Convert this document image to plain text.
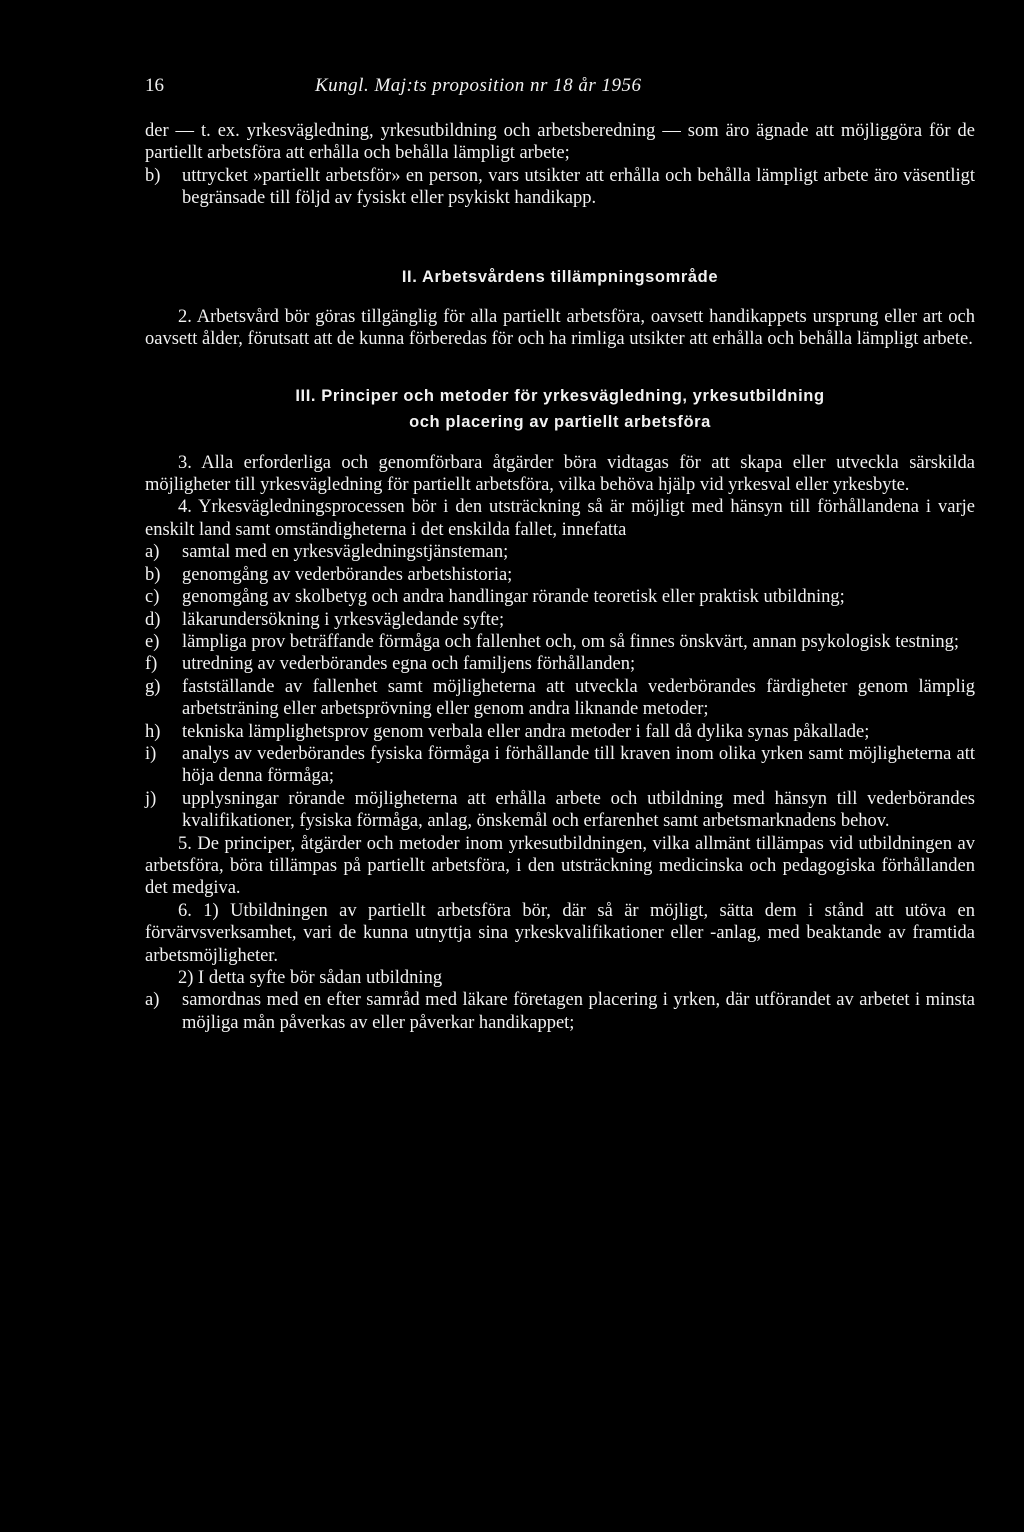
16	Kungl. Maj:ts proposition nr 18 år 1956

der — t. ex. yrkesvägledning, yrkesutbildning och arbetsberedning — som äro ägnade att möjliggöra för de partiellt arbetsföra att erhålla och behålla lämpligt arbete;

b) uttrycket »partiellt arbetsför» en person, vars utsikter att erhålla och behålla lämpligt arbete äro väsentligt begränsade till följd av fysiskt eller psykiskt handikapp.

II. Arbetsvårdens tillämpningsområde

2. Arbetsvård bör göras tillgänglig för alla partiellt arbetsföra, oavsett handikappets ursprung eller art och oavsett ålder, förutsatt att de kunna förberedas för och ha rimliga utsikter att erhålla och behålla lämpligt arbete.

III. Principer och metoder för yrkesvägledning, yrkesutbildning

och placering av partiellt arbetsföra

3. Alla erforderliga och genomförbara åtgärder böra vidtagas för att skapa eller utveckla särskilda möjligheter till yrkesvägledning för partiellt arbetsföra, vilka behöva hjälp vid yrkesval eller yrkesbyte.

4. Yrkesvägledningsprocessen bör i den utsträckning så är möjligt med hänsyn till förhållandena i varje enskilt land samt omständigheterna i det enskilda fallet, innefatta

a) samtal med en yrkesvägledningstjänsteman;

b) genomgång av vederbörandes arbetshistoria;

c) genomgång av skolbetyg och andra handlingar rörande teoretisk eller praktisk utbildning;

d) läkarundersökning i yrkesvägledande syfte;

e) lämpliga prov beträffande förmåga och fallenhet och, om så finnes önskvärt, annan psykologisk testning;

f) utredning av vederbörandes egna och familjens förhållanden;

g) fastställande av fallenhet samt möjligheterna att utveckla vederbörandes färdigheter genom lämplig arbetsträning eller arbetsprövning eller genom andra liknande metoder;

h) tekniska lämplighetsprov genom verbala eller andra metoder i fall då dylika synas påkallade;

i) analys av vederbörandes fysiska förmåga i förhållande till kraven inom olika yrken samt möjligheterna att höja denna förmåga;

j) upplysningar rörande möjligheterna att erhålla arbete och utbildning med hänsyn till vederbörandes kvalifikationer, fysiska förmåga, anlag, önskemål och erfarenhet samt arbetsmarknadens behov.

5. De principer, åtgärder och metoder inom yrkesutbildningen, vilka allmänt tillämpas vid utbildningen av arbetsföra, böra tillämpas på partiellt arbetsföra, i den utsträckning medicinska och pedagogiska förhållanden det medgiva.

6. 1) Utbildningen av partiellt arbetsföra bör, där så är möjligt, sätta dem i stånd att utöva en förvärvsverksamhet, vari de kunna utnyttja sina yrkeskvalifikationer eller -anlag, med beaktande av framtida arbetsmöjligheter.

2) I detta syfte bör sådan utbildning

a) samordnas med en efter samråd med läkare företagen placering i yrken, där utförandet av arbetet i minsta möjliga mån påverkas av eller påverkar handikappet;
